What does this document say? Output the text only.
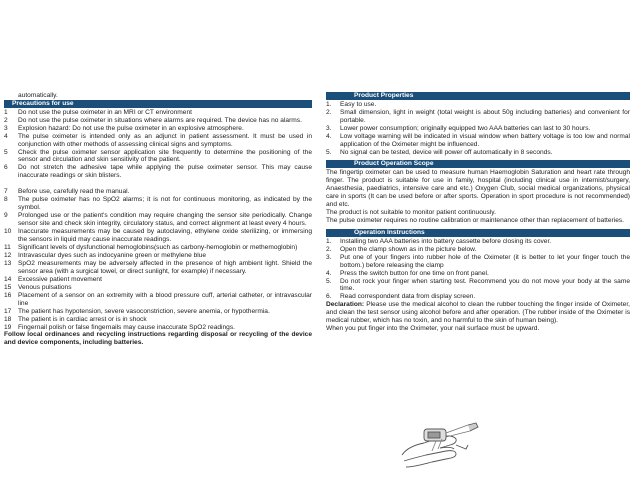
automatically.
Precautions for use
1	Do not use the pulse oximeter in an MRI or CT environment
2	Do not use the pulse oximeter in situations where alarms are required. The device has no alarms.
3	Explosion hazard: Do not use the pulse oximeter in an explosive atmosphere.
4	The pulse oximeter is intended only as an adjunct in patient assessment. It must be used in conjunction with other methods of assessing clinical signs and symptoms.
5	Check the pulse oximeter sensor application site frequently to determine the positioning of the sensor and circulation and skin sensitivity of the patient.
6	Do not stretch the adhesive tape while applying the pulse oximeter sensor. This may cause inaccurate readings or skin blisters.
7	Before use, carefully read the manual.
8	The pulse oximeter has no SpO2 alarms; it is not for continuous monitoring, as indicated by the symbol.
9	Prolonged use or the patient's condition may require changing the sensor site periodically. Change sensor site and check skin integrity, circulatory status, and correct alignment at least every 4 hours.
10	Inaccurate measurements may be caused by autoclaving, ethylene oxide sterilizing, or immersing the sensors in liquid may cause inaccurate readings.
11	Significant levels of dysfunctional hemoglobins(such as carbony-hemoglobin or methemoglobin)
12	Intravascular dyes such as indocyanine green or methylene blue
13	SpO2 measurements may be adversely affected in the presence of high ambient light. Shield the sensor area (with a surgical towel, or direct sunlight, for example) if necessary.
14	Excessive patient movement
15	Venous pulsations
16	Placement of a sensor on an extremity with a blood pressure cuff, arterial catheter, or intravascular line
17	The patient has hypotension, severe vasoconstriction, severe anemia, or hypothermia.
18	The patient is in cardiac arrest or is in shock
19	Fingernail polish or false fingernails may cause inaccurate SpO2 readings.
Follow local ordinances and recycling instructions regarding disposal or recycling of the device and device components, including batteries.
Product Properties
1.	Easy to use.
2.	Small dimension, light in weight (total weight is about 50g including batteries) and convenient for portable.
3.	Lower power consumption; originally equipped two AAA batteries can last to 30 hours.
4.	Low voltage warning will be indicated in visual window when battery voltage is too low and normal application of the Oximeter might be influenced.
5.	No signal can be tested, device will power off automatically in 8 seconds.
Product Operation Scope
The fingertip oximeter can be used to measure human Haemoglobin Saturation and heart rate through finger. The product is suitable for use in family, hospital (including clinical use in internist/surgery, Anaesthesia, paediatrics, intensive care and etc.) Oxygen Club, social medical organizations, physical care in sports (It can be used before or after sports. Operation in sport procedure is not recommended) and etc.
The product is not suitable to monitor patient continuously.
The pulse oximeter requires no routine calibration or maintenance other than replacement of batteries.
Operation Instructions
1.	Installing two AAA batteries into battery cassette before closing its cover.
2.	Open the clamp shown as in the picture below.
3.	Put one of your fingers into rubber hole of the Oximeter (it is better to let your finger touch the bottom.) before releasing the clamp
4.	Press the switch button for one time on front panel.
5.	Do not rock your finger when starting test. Recommend you do not move your body at the same time.
6.	Read correspondent data from display screen.
Declaration: Please use the medical alcohol to clean the rubber touching the finger inside of Oximeter, and clean the test sensor using alcohol before and after operation. (The rubber inside of the Oximeter is medical rubber, which has no toxin, and no harmful to the skin of human being).
When you put finger into the Oximeter, your nail surface must be upward.
